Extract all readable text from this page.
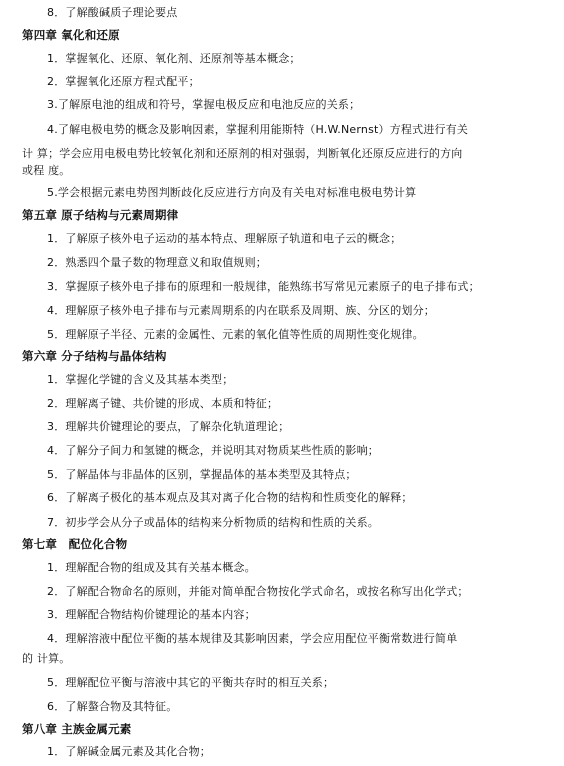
8．了解酸碱质子理论要点
第四章 氧化和还原
1．掌握氧化、还原、氧化剂、还原剂等基本概念；
2．掌握氧化还原方程式配平；
3.了解原电池的组成和符号，掌握电极反应和电池反应的关系；
4.了解电极电势的概念及影响因素，掌握利用能斯特（H.W.Nernst）方程式进行有关
计 算；学会应用电极电势比较氧化剂和还原剂的相对强弱，判断氧化还原反应进行的方向
或程 度。
5.学会根据元素电势图判断歧化反应进行方向及有关电对标准电极电势计算
第五章 原子结构与元素周期律
1．了解原子核外电子运动的基本特点、理解原子轨道和电子云的概念；
2．熟悉四个量子数的物理意义和取值规则；
3．掌握原子核外电子排布的原理和一般规律，能熟练书写常见元素原子的电子排布式；
4．理解原子核外电子排布与元素周期系的内在联系及周期、族、分区的划分；
5．理解原子半径、元素的金属性、元素的氧化值等性质的周期性变化规律。
第六章 分子结构与晶体结构
1．掌握化学键的含义及其基本类型；
2．理解离子键、共价键的形成、本质和特征；
3．理解共价键理论的要点，了解杂化轨道理论；
4．了解分子间力和氢键的概念，并说明其对物质某些性质的影响；
5．了解晶体与非晶体的区别，掌握晶体的基本类型及其特点；
6．了解离子极化的基本观点及其对离子化合物的结构和性质变化的解释；
7．初步学会从分子或晶体的结构来分析物质的结构和性质的关系。
第七章　配位化合物
1．理解配合物的组成及其有关基本概念。
2．了解配合物命名的原则，并能对简单配合物按化学式命名，或按名称写出化学式；
3．理解配合物结构价键理论的基本内容；
4．理解溶液中配位平衡的基本规律及其影响因素，学会应用配位平衡常数进行简单
的 计算。
5．理解配位平衡与溶液中其它的平衡共存时的相互关系；
6．了解螯合物及其特征。
第八章 主族金属元素
1．了解碱金属元素及其化合物；
